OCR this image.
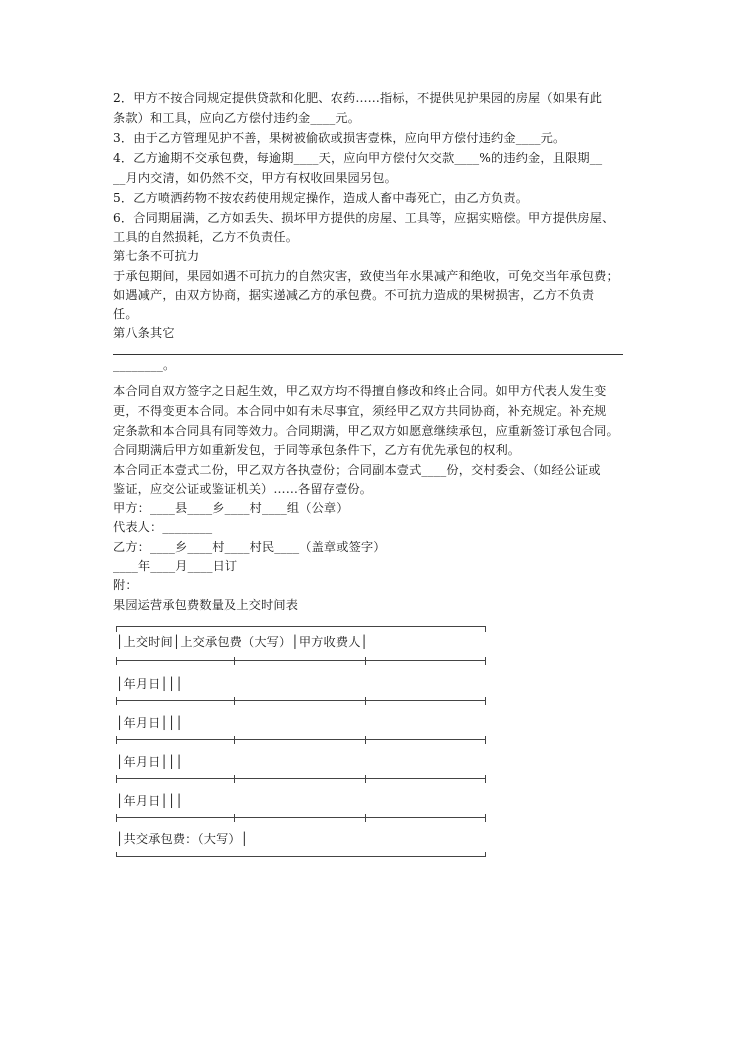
2．甲方不按合同规定提供贷款和化肥、农药……指标，不提供见护果园的房屋（如果有此
条款）和工具，应向乙方偿付违约金____元。
3．由于乙方管理见护不善，果树被偷砍或损害壹株，应向甲方偿付违约金____元。
4．乙方逾期不交承包费，每逾期____天，应向甲方偿付欠交款____%的违约金，且限期__
__月内交清，如仍然不交，甲方有权收回果园另包。
5．乙方喷洒药物不按农药使用规定操作，造成人畜中毒死亡，由乙方负责。
6．合同期届满，乙方如丢失、损坏甲方提供的房屋、工具等，应据实赔偿。甲方提供房屋、
工具的自然损耗，乙方不负责任。
第七条不可抗力
于承包期间，果园如遇不可抗力的自然灾害，致使当年水果减产和绝收，可免交当年承包费；
如遇减产，由双方协商，据实递减乙方的承包费。不可抗力造成的果树损害，乙方不负责
任。
第八条其它
________。
本合同自双方签字之日起生效，甲乙双方均不得擅自修改和终止合同。如甲方代表人发生变
更，不得变更本合同。本合同中如有未尽事宜，须经甲乙双方共同协商，补充规定。补充规
定条款和本合同具有同等效力。合同期满，甲乙双方如愿意继续承包，应重新签订承包合同。
合同期满后甲方如重新发包，于同等承包条件下，乙方有优先承包的权利。
本合同正本壹式二份，甲乙双方各执壹份；合同副本壹式____份，交村委会、（如经公证或
鉴证，应交公证或鉴证机关）……各留存壹份。
甲方：____县____乡____村____组（公章）
代表人：________
乙方：____乡____村____村民____（盖章或签字）
____年____月____日订
附：
果园运营承包费数量及上交时间表
│上交时间│上交承包费（大写）│甲方收费人│
│年月日│││
│年月日│││
│年月日│││
│年月日│││
│共交承包费：（大写）│
